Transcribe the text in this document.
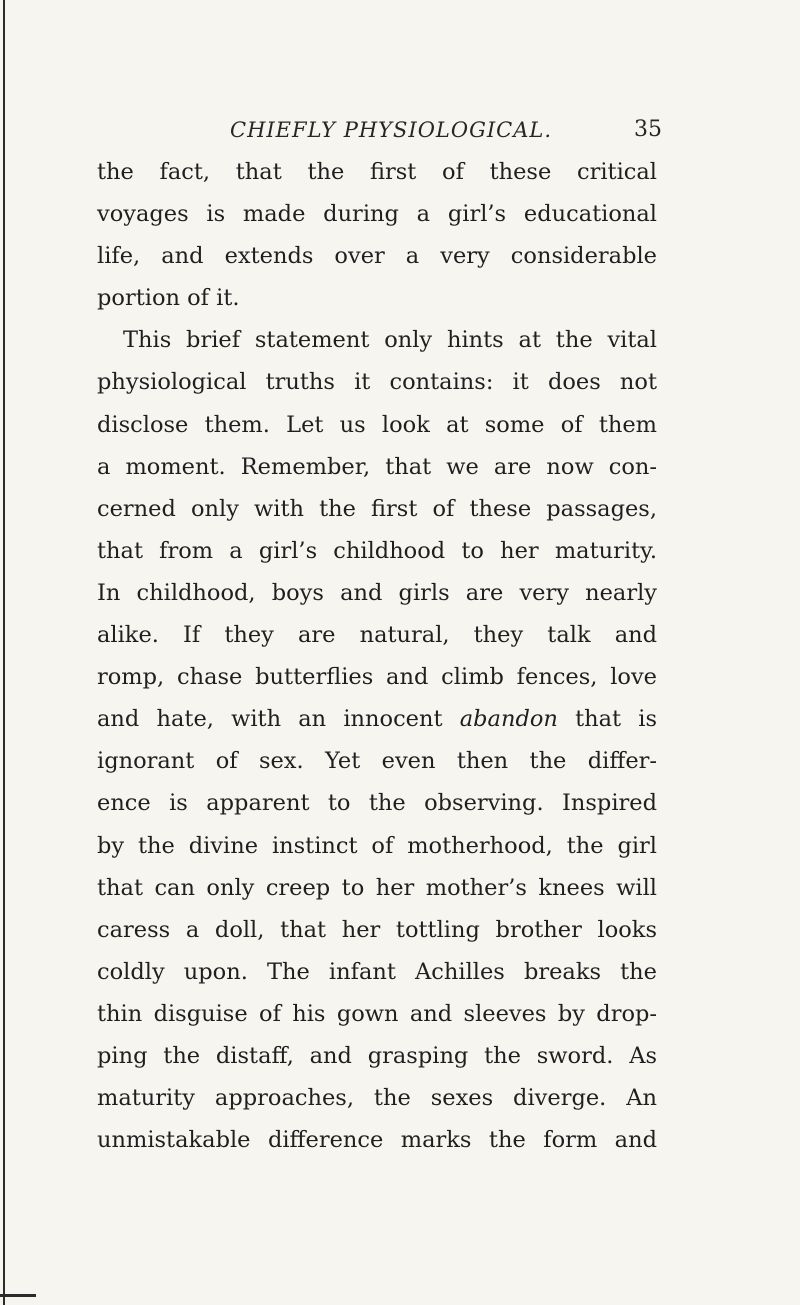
CHIEFLY PHYSIOLOGICAL.	35
the fact, that the first of these critical
voyages is made during a girl’s educational
life, and extends over a very considerable
portion of it.
This brief statement only hints at the vital
physiological truths it contains: it does not
disclose them. Let us look at some of them
a moment. Remember, that we are now con-
cerned only with the first of these passages,
that from a girl’s childhood to her maturity.
In childhood, boys and girls are very nearly
alike. If they are natural, they talk and
romp, chase butterflies and climb fences, love
and hate, with an innocent abandon that is
ignorant of sex. Yet even then the differ-
ence is apparent to the observing. Inspired
by the divine instinct of motherhood, the girl
that can only creep to her mother’s knees will
caress a doll, that her tottling brother looks
coldly upon. The infant Achilles breaks the
thin disguise of his gown and sleeves by drop-
ping the distaff, and grasping the sword. As
maturity approaches, the sexes diverge. An
unmistakable difference marks the form and
